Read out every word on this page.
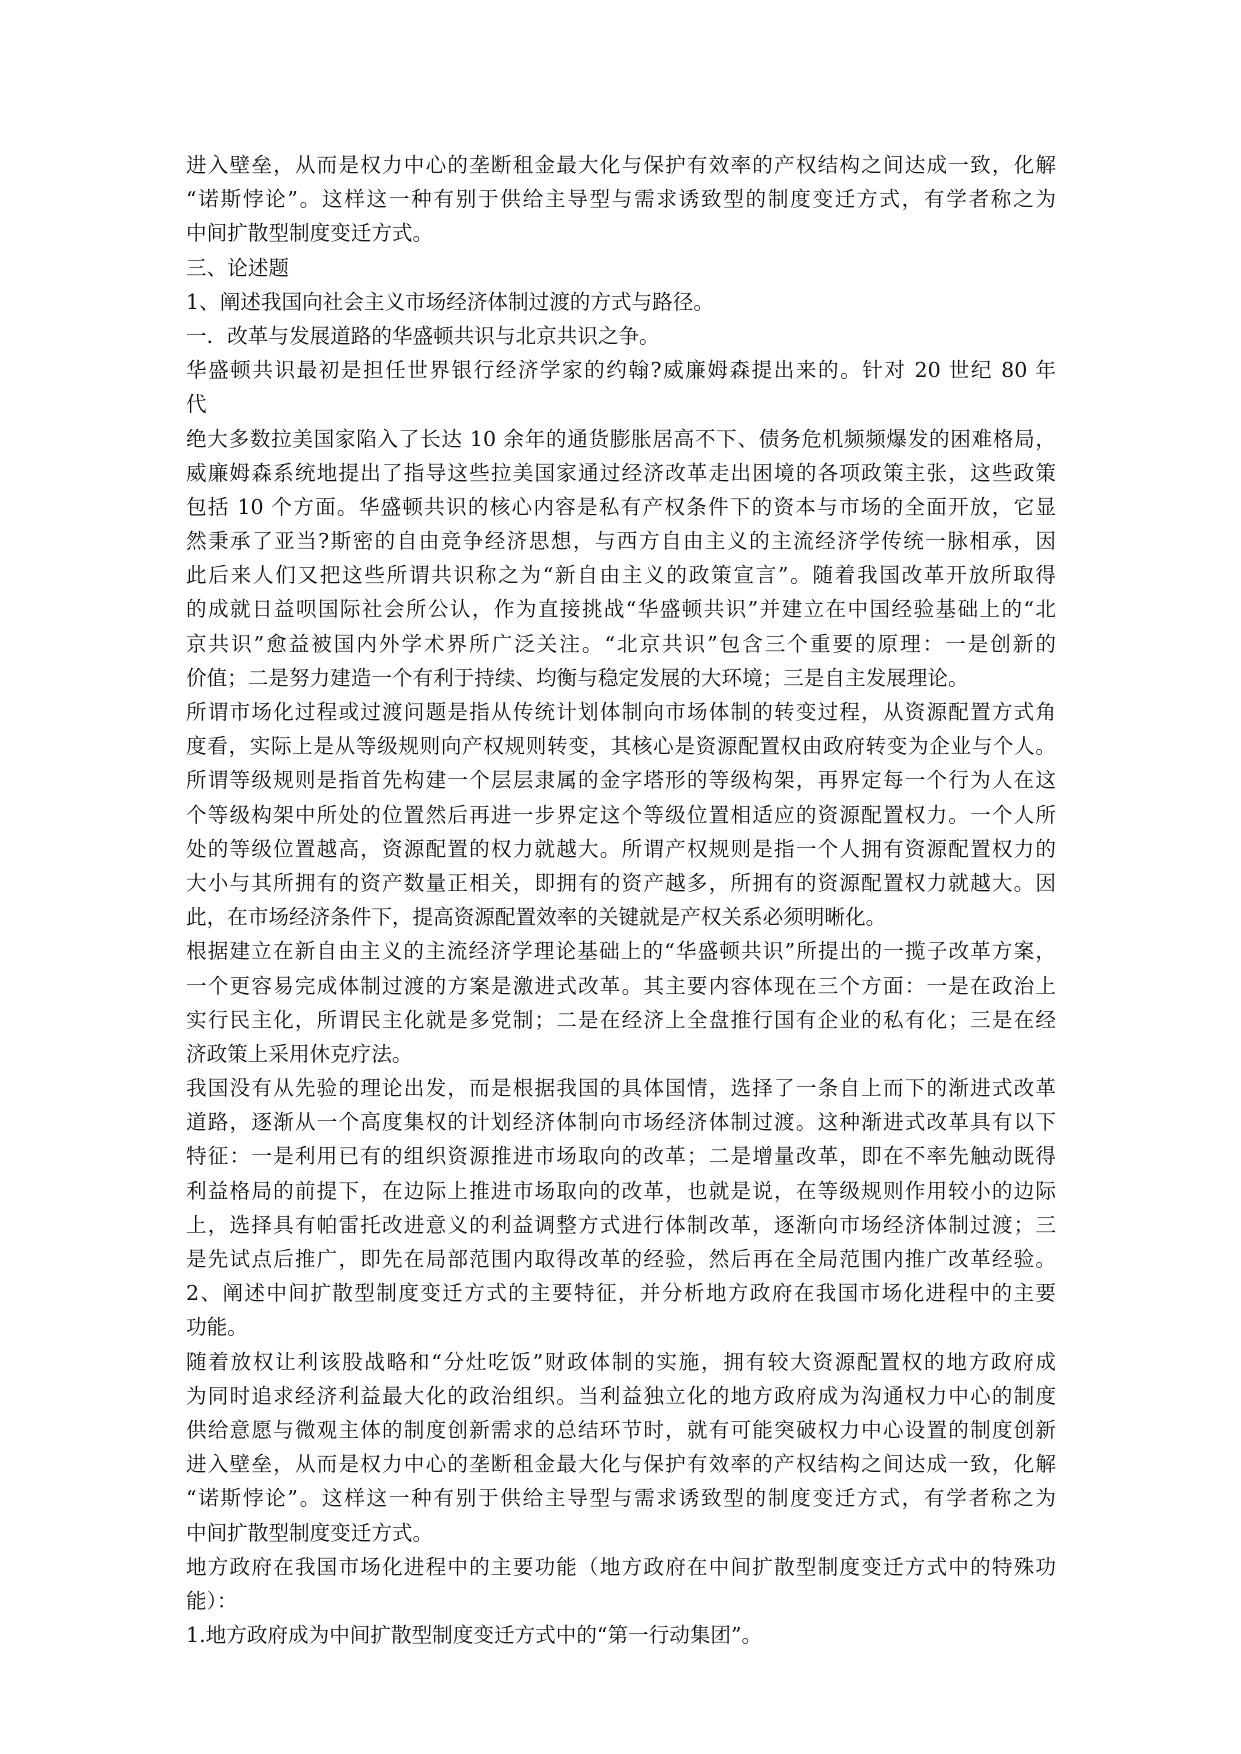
进入壁垒，从而是权力中心的垄断租金最大化与保护有效率的产权结构之间达成一致，化解
“诺斯悖论”。这样这一种有别于供给主导型与需求诱致型的制度变迁方式，有学者称之为
中间扩散型制度变迁方式。
三、论述题
1、阐述我国向社会主义市场经济体制过渡的方式与路径。
一．改革与发展道路的华盛顿共识与北京共识之争。
华盛顿共识最初是担任世界银行经济学家的约翰?威廉姆森提出来的。针对 20 世纪 80 年
代
绝大多数拉美国家陷入了长达 10 余年的通货膨胀居高不下、债务危机频频爆发的困难格局，
威廉姆森系统地提出了指导这些拉美国家通过经济改革走出困境的各项政策主张，这些政策
包括 10 个方面。华盛顿共识的核心内容是私有产权条件下的资本与市场的全面开放，它显
然秉承了亚当?斯密的自由竞争经济思想，与西方自由主义的主流经济学传统一脉相承，因
此后来人们又把这些所谓共识称之为“新自由主义的政策宣言”。随着我国改革开放所取得
的成就日益呗国际社会所公认，作为直接挑战“华盛顿共识”并建立在中国经验基础上的“北
京共识”愈益被国内外学术界所广泛关注。“北京共识”包含三个重要的原理：一是创新的
价值；二是努力建造一个有利于持续、均衡与稳定发展的大环境；三是自主发展理论。
所谓市场化过程或过渡问题是指从传统计划体制向市场体制的转变过程，从资源配置方式角
度看，实际上是从等级规则向产权规则转变，其核心是资源配置权由政府转变为企业与个人。
所谓等级规则是指首先构建一个层层隶属的金字塔形的等级构架，再界定每一个行为人在这
个等级构架中所处的位置然后再进一步界定这个等级位置相适应的资源配置权力。一个人所
处的等级位置越高，资源配置的权力就越大。所谓产权规则是指一个人拥有资源配置权力的
大小与其所拥有的资产数量正相关，即拥有的资产越多，所拥有的资源配置权力就越大。因
此，在市场经济条件下，提高资源配置效率的关键就是产权关系必须明晰化。
根据建立在新自由主义的主流经济学理论基础上的“华盛顿共识”所提出的一揽子改革方案，
一个更容易完成体制过渡的方案是激进式改革。其主要内容体现在三个方面：一是在政治上
实行民主化，所谓民主化就是多党制；二是在经济上全盘推行国有企业的私有化；三是在经
济政策上采用休克疗法。
我国没有从先验的理论出发，而是根据我国的具体国情，选择了一条自上而下的渐进式改革
道路，逐渐从一个高度集权的计划经济体制向市场经济体制过渡。这种渐进式改革具有以下
特征：一是利用已有的组织资源推进市场取向的改革；二是增量改革，即在不率先触动既得
利益格局的前提下，在边际上推进市场取向的改革，也就是说，在等级规则作用较小的边际
上，选择具有帕雷托改进意义的利益调整方式进行体制改革，逐渐向市场经济体制过渡；三
是先试点后推广，即先在局部范围内取得改革的经验，然后再在全局范围内推广改革经验。
2、阐述中间扩散型制度变迁方式的主要特征，并分析地方政府在我国市场化进程中的主要
功能。
随着放权让利该股战略和“分灶吃饭”财政体制的实施，拥有较大资源配置权的地方政府成
为同时追求经济利益最大化的政治组织。当利益独立化的地方政府成为沟通权力中心的制度
供给意愿与微观主体的制度创新需求的总结环节时，就有可能突破权力中心设置的制度创新
进入壁垒，从而是权力中心的垄断租金最大化与保护有效率的产权结构之间达成一致，化解
“诺斯悖论”。这样这一种有别于供给主导型与需求诱致型的制度变迁方式，有学者称之为
中间扩散型制度变迁方式。
地方政府在我国市场化进程中的主要功能（地方政府在中间扩散型制度变迁方式中的特殊功
能）：
1.地方政府成为中间扩散型制度变迁方式中的“第一行动集团”。
